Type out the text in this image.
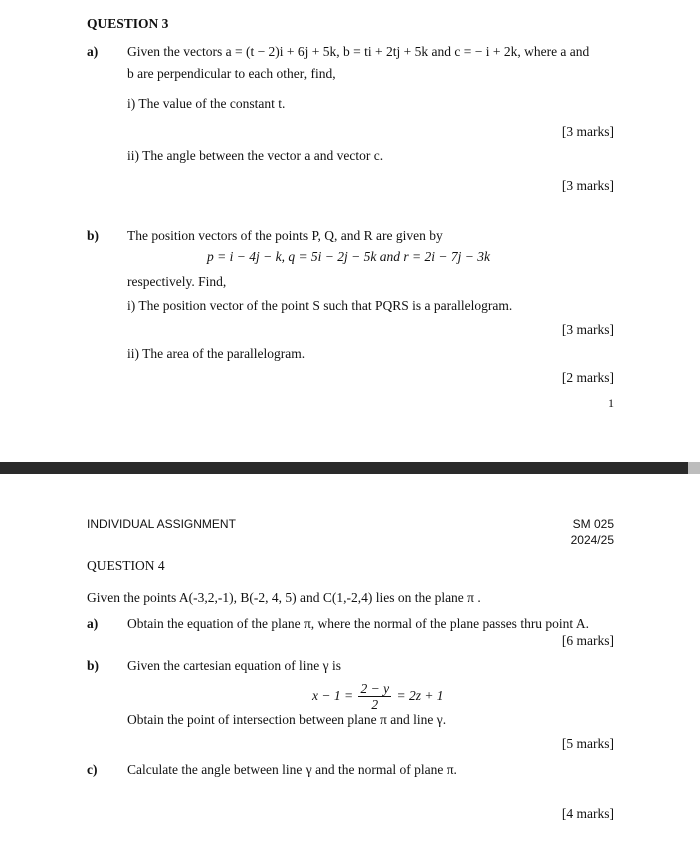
QUESTION 3
a) Given the vectors a = (t − 2)i + 6j + 5k, b = ti + 2tj + 5k and c = − i + 2k, where a and
b are perpendicular to each other, find,
i) The value of the constant t.
[3 marks]
ii) The angle between the vector a and vector c.
[3 marks]
b) The position vectors of the points P, Q, and R are given by
p = i − 4j − k, q = 5i − 2j − 5k and r = 2i − 7j − 3k
respectively. Find,
i) The position vector of the point S such that PQRS is a parallelogram.
[3 marks]
ii) The area of the parallelogram.
[2 marks]
1
INDIVIDUAL ASSIGNMENT	SM 025
2024/25
QUESTION 4
Given the points A(-3,2,-1), B(-2, 4, 5) and C(1,-2,4) lies on the plane π .
a) Obtain the equation of the plane π, where the normal of the plane passes thru point A.
[6 marks]
b) Given the cartesian equation of line γ is
$x - 1 = \frac{2 - y}{2} = 2z + 1$
Obtain the point of intersection between plane π and line γ.
[5 marks]
c) Calculate the angle between line γ and the normal of plane π.
[4 marks]
